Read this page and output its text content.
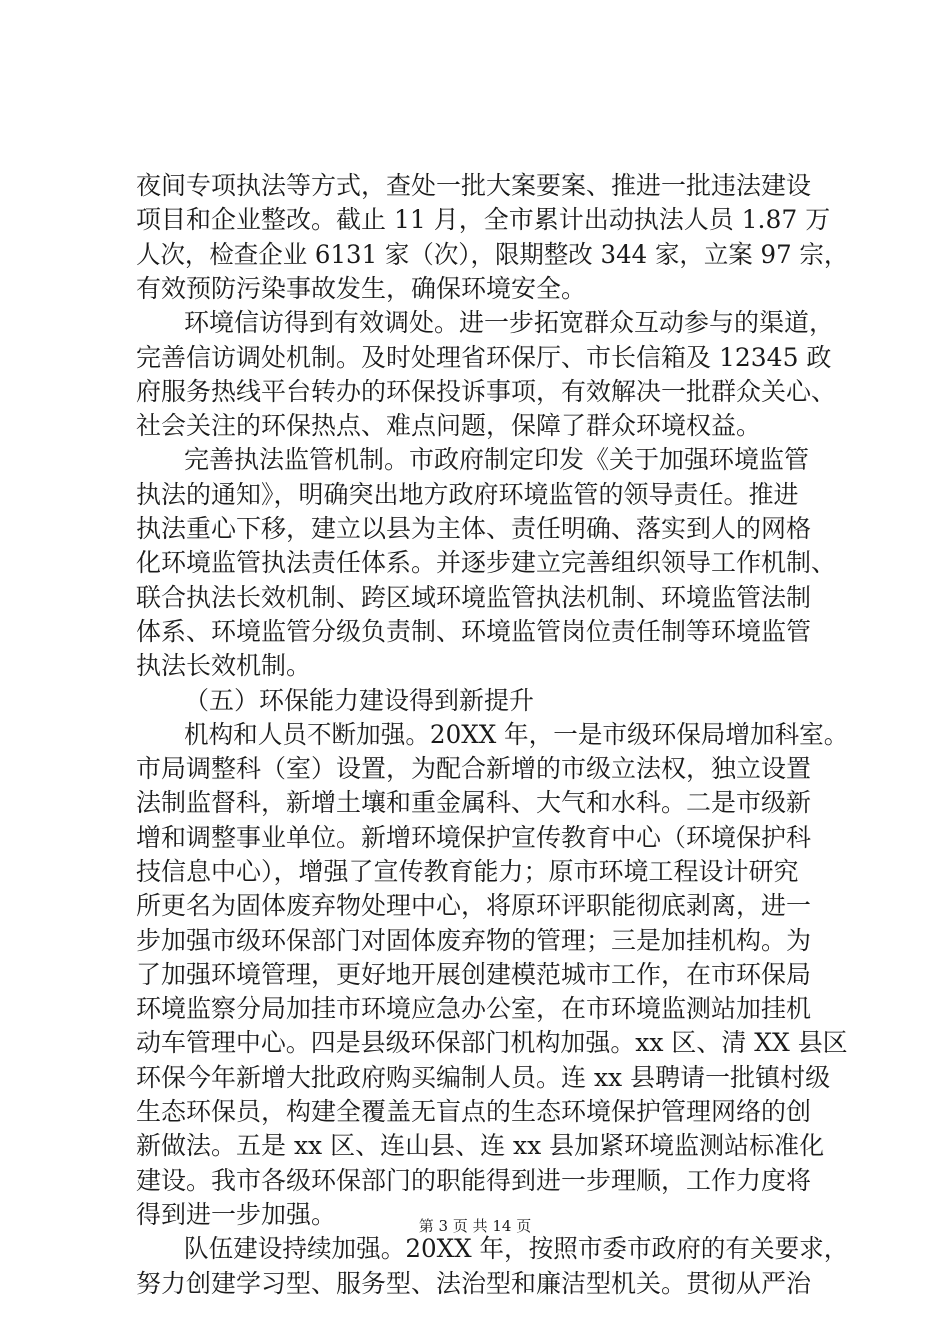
夜间专项执法等方式，查处一批大案要案、推进一批违法建设
项目和企业整改。截止 11 月，全市累计出动执法人员 1.87 万
人次，检查企业 6131 家（次），限期整改 344 家，立案 97 宗，
有效预防污染事故发生，确保环境安全。
环境信访得到有效调处。进一步拓宽群众互动参与的渠道，
完善信访调处机制。及时处理省环保厅、市长信箱及 12345 政
府服务热线平台转办的环保投诉事项，有效解决一批群众关心、
社会关注的环保热点、难点问题，保障了群众环境权益。
完善执法监管机制。市政府制定印发《关于加强环境监管
执法的通知》，明确突出地方政府环境监管的领导责任。推进
执法重心下移，建立以县为主体、责任明确、落实到人的网格
化环境监管执法责任体系。并逐步建立完善组织领导工作机制、
联合执法长效机制、跨区域环境监管执法机制、环境监管法制
体系、环境监管分级负责制、环境监管岗位责任制等环境监管
执法长效机制。
（五）环保能力建设得到新提升
机构和人员不断加强。20XX 年，一是市级环保局增加科室。
市局调整科（室）设置，为配合新增的市级立法权，独立设置
法制监督科，新增土壤和重金属科、大气和水科。二是市级新
增和调整事业单位。新增环境保护宣传教育中心（环境保护科
技信息中心），增强了宣传教育能力；原市环境工程设计研究
所更名为固体废弃物处理中心，将原环评职能彻底剥离，进一
步加强市级环保部门对固体废弃物的管理；三是加挂机构。为
了加强环境管理，更好地开展创建模范城市工作，在市环保局
环境监察分局加挂市环境应急办公室，在市环境监测站加挂机
动车管理中心。四是县级环保部门机构加强。xx 区、清 XX 县区
环保今年新增大批政府购买编制人员。连 xx 县聘请一批镇村级
生态环保员，构建全覆盖无盲点的生态环境保护管理网络的创
新做法。五是 xx 区、连山县、连 xx 县加紧环境监测站标准化
建设。我市各级环保部门的职能得到进一步理顺，工作力度将
得到进一步加强。
队伍建设持续加强。20XX 年，按照市委市政府的有关要求，
努力创建学习型、服务型、法治型和廉洁型机关。贯彻从严治
第 3 页 共 14 页
